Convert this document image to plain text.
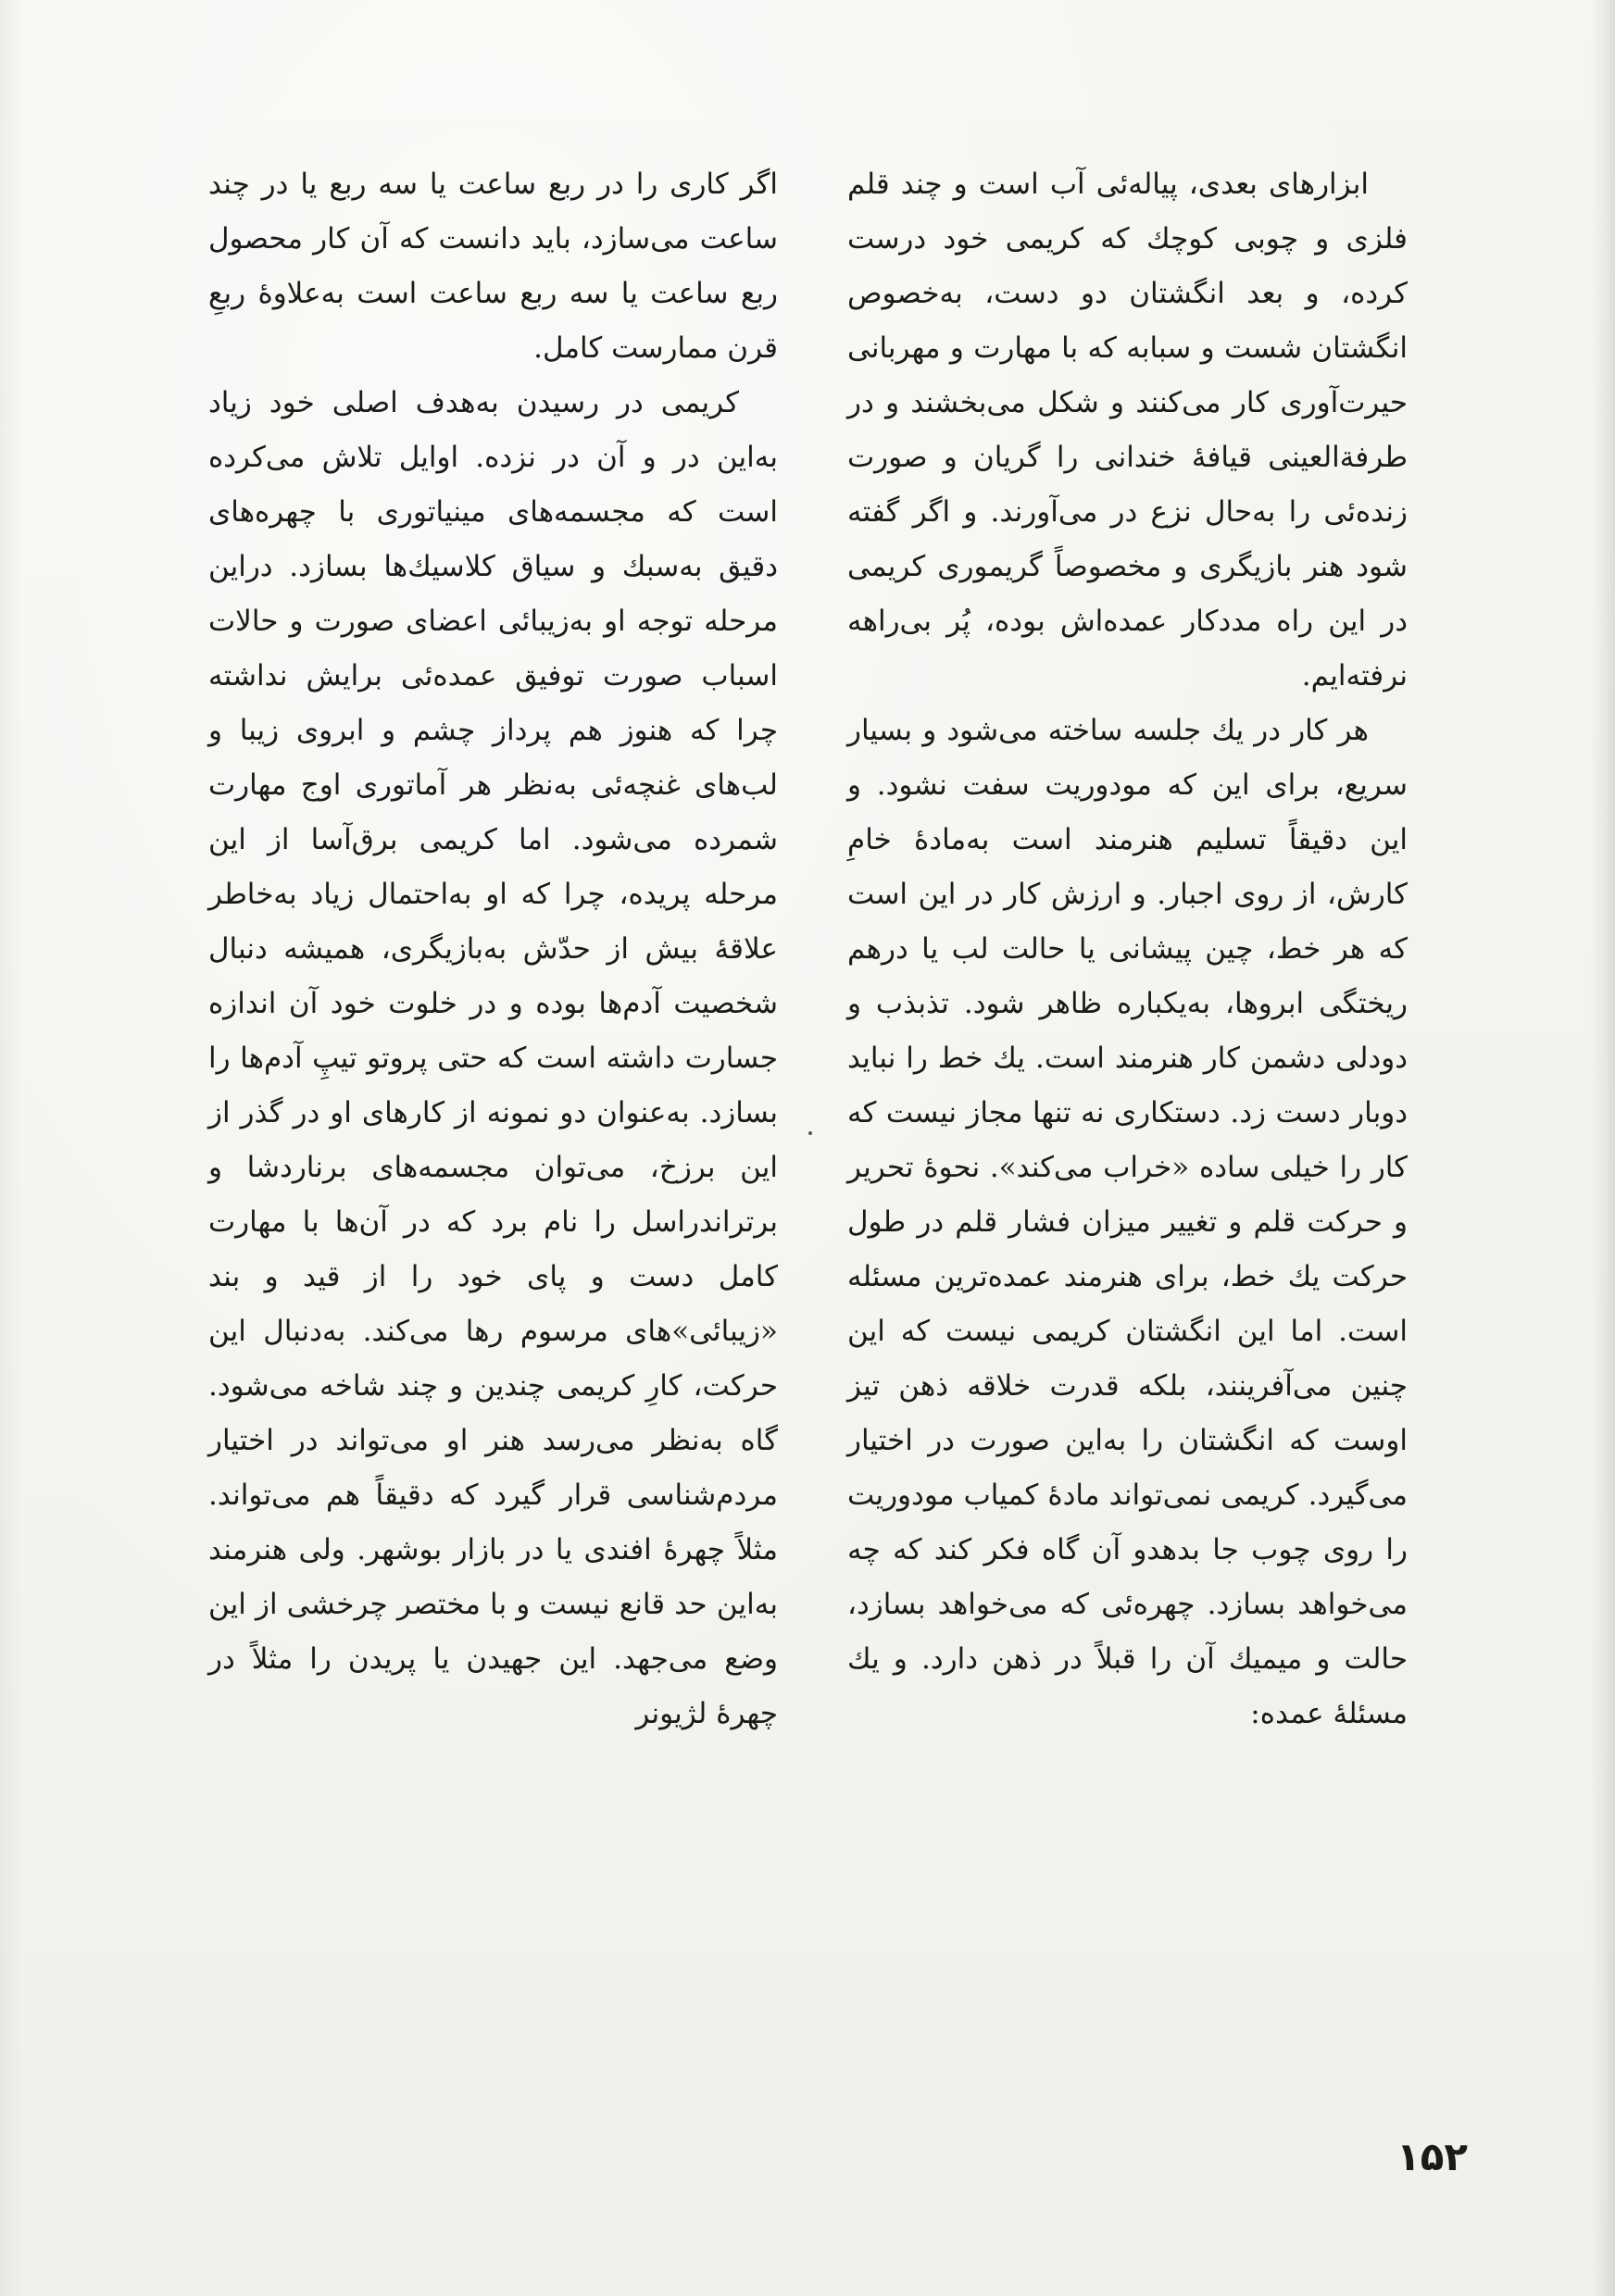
ابزارهای بعدی، پیاله‌ئی آب است و چند قلم فلزی و چوبی کوچك که کریمی خود درست کرده، و بعد انگشتان دو دست، به‌خصوص انگشتان شست و سبابه که با مهارت و مهربانی حیرت‌آوری کار می‌کنند و شکل می‌بخشند و در طرفةالعینی قیافهٔ خندانی را گریان و صورت زنده‌ئی را به‌حال نزع در می‌آورند. و اگر گفته شود هنر بازیگری و مخصوصاً گریموری کریمی در این راه مددکار عمده‌اش بوده، پُر بی‌راهه نرفته‌ایم.

هر کار در یك جلسه ساخته می‌شود و بسیار سریع، برای این که مودوریت سفت نشود. و این دقیقاً تسلیم هنرمند است به‌مادهٔ خامِ کارش، از روی اجبار. و ارزش کار در این است که هر خط، چین پیشانی یا حالت لب یا درهم ریختگی ابروها، به‌یکباره ظاهر شود. تذبذب و دودلی دشمن کار هنرمند است. یك خط را نباید دوبار دست زد. دستکاری نه تنها مجاز نیست که کار را خیلی ساده «خراب می‌کند». نحوهٔ تحریر و حرکت قلم و تغییر میزان فشار قلم در طول حرکت یك خط، برای هنرمند عمده‌ترین مسئله است. اما این انگشتان کریمی نیست که این چنین می‌آفرینند، بلکه قدرت خلاقه ذهن تیز اوست که انگشتان را به‌این صورت در اختیار می‌گیرد. کریمی نمی‌تواند مادهٔ کمیاب مودوریت را روی چوب جا بدهدو آن گاه فکر کند که چه می‌خواهد بسازد. چهره‌ئی که می‌خواهد بسازد، حالت و میمیك آن را قبلاً در ذهن دارد. و یك مسئلهٔ عمده:

اگر کاری را در ربع ساعت یا سه ربع یا در چند ساعت می‌سازد، باید دانست که آن کار محصول ربع ساعت یا سه ربع ساعت است به‌علاوهٔ ربعِ قرن ممارست کامل.

کریمی در رسیدن به‌هدف اصلی خود زیاد به‌این در و آن در نزده. اوایل تلاش می‌کرده است که مجسمه‌های مینیاتوری با چهره‌های دقیق به‌سبك و سیاق کلاسیك‌ها بسازد. دراین مرحله توجه او به‌زیبائی اعضای صورت و حالات اسباب صورت توفیق عمده‌ئی برایش نداشته چرا که هنوز هم پرداز چشم و ابروی زیبا و لب‌های غنچه‌ئی به‌نظر هر آماتوری اوج مهارت شمرده می‌شود. اما کریمی برق‌آسا از این مرحله پریده، چرا که او به‌احتمال زیاد به‌خاطر علاقهٔ بیش از حدّش به‌بازیگری، همیشه دنبال شخصیت آدم‌ها بوده و در خلوت خود آن اندازه جسارت داشته است که حتی پروتو تیپِ آدم‌ها را بسازد. به‌عنوان دو نمونه از کارهای او در گذر از این برزخ، می‌توان مجسمه‌های برناردشا و برتراندراسل را نام برد که در آن‌ها با مهارت کامل دست و پای خود را از قید و بند «زیبائی»های مرسوم رها می‌کند. به‌دنبال این حرکت، کارِ کریمی چندین و چند شاخه می‌شود. گاه به‌نظر می‌رسد هنر او می‌تواند در اختیار مردم‌شناسی قرار گیرد که دقیقاً هم می‌تواند. مثلاً چهرهٔ افندی یا در بازار بوشهر. ولی هنرمند به‌این حد قانع نیست و با مختصر چرخشی از این وضع می‌جهد. این جهیدن یا پریدن را مثلاً در چهرهٔ لژیونر

۱۵۲
